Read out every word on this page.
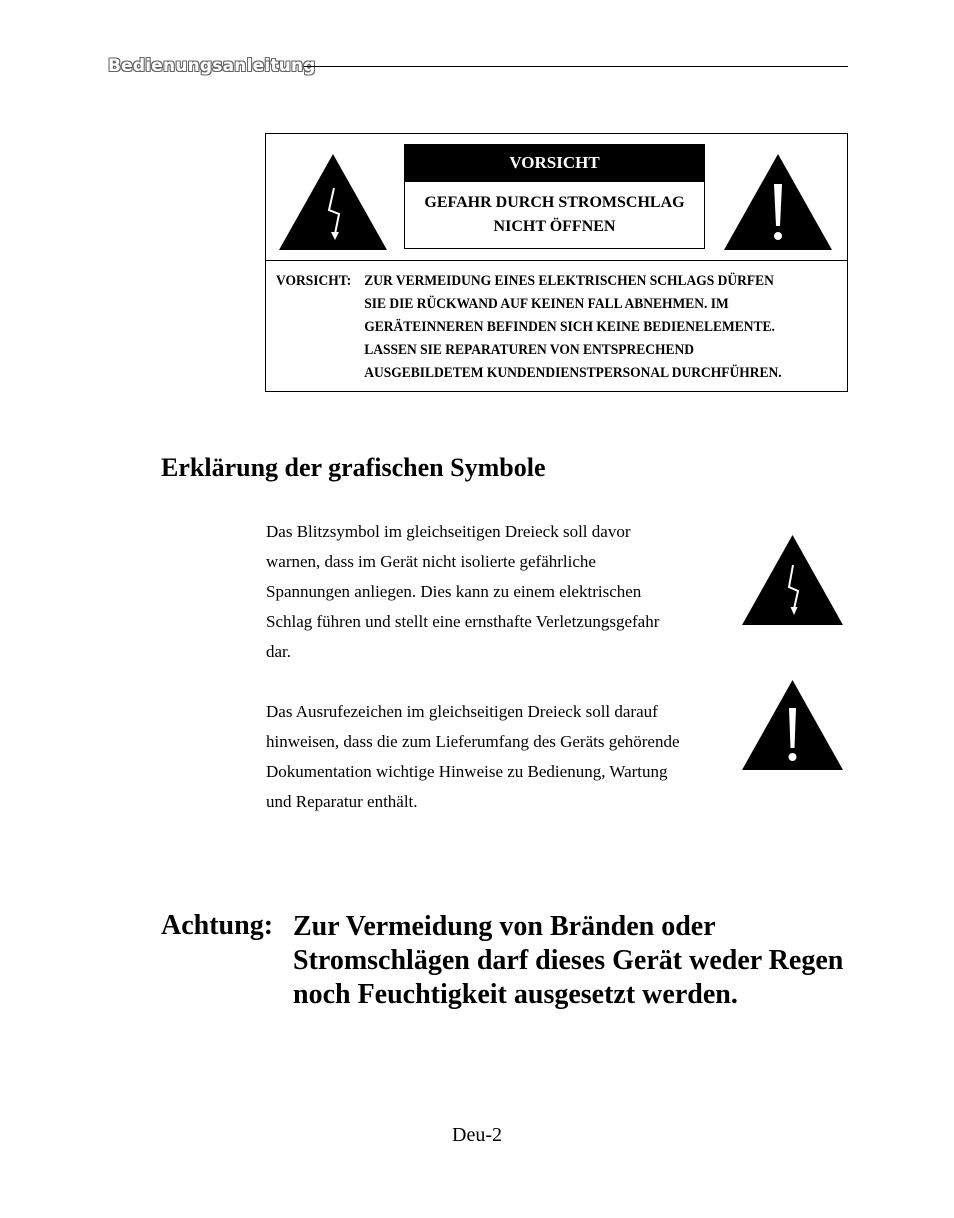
Bedienungsanleitung
VORSICHT
GEFAHR DURCH STROMSCHLAG
NICHT ÖFFNEN
VORSICHT: ZUR VERMEIDUNG EINES ELEKTRISCHEN SCHLAGS DÜRFEN
SIE DIE RÜCKWAND AUF KEINEN FALL ABNEHMEN. IM
GERÄTEINNEREN BEFINDEN SICH KEINE BEDIENELEMENTE.
LASSEN SIE REPARATUREN VON ENTSPRECHEND
AUSGEBILDETEM KUNDENDIENSTPERSONAL DURCHFÜHREN.
Erklärung der grafischen Symbole
Das Blitzsymbol im gleichseitigen Dreieck soll davor
warnen, dass im Gerät nicht isolierte gefährliche
Spannungen anliegen. Dies kann zu einem elektrischen
Schlag führen und stellt eine ernsthafte Verletzungsgefahr
dar.
Das Ausrufezeichen im gleichseitigen Dreieck soll darauf
hinweisen, dass die zum Lieferumfang des Geräts gehörende
Dokumentation wichtige Hinweise zu Bedienung, Wartung
und Reparatur enthält.
Achtung: Zur Vermeidung von Bränden oder
Stromschlägen darf dieses Gerät weder Regen
noch Feuchtigkeit ausgesetzt werden.
Deu-2
